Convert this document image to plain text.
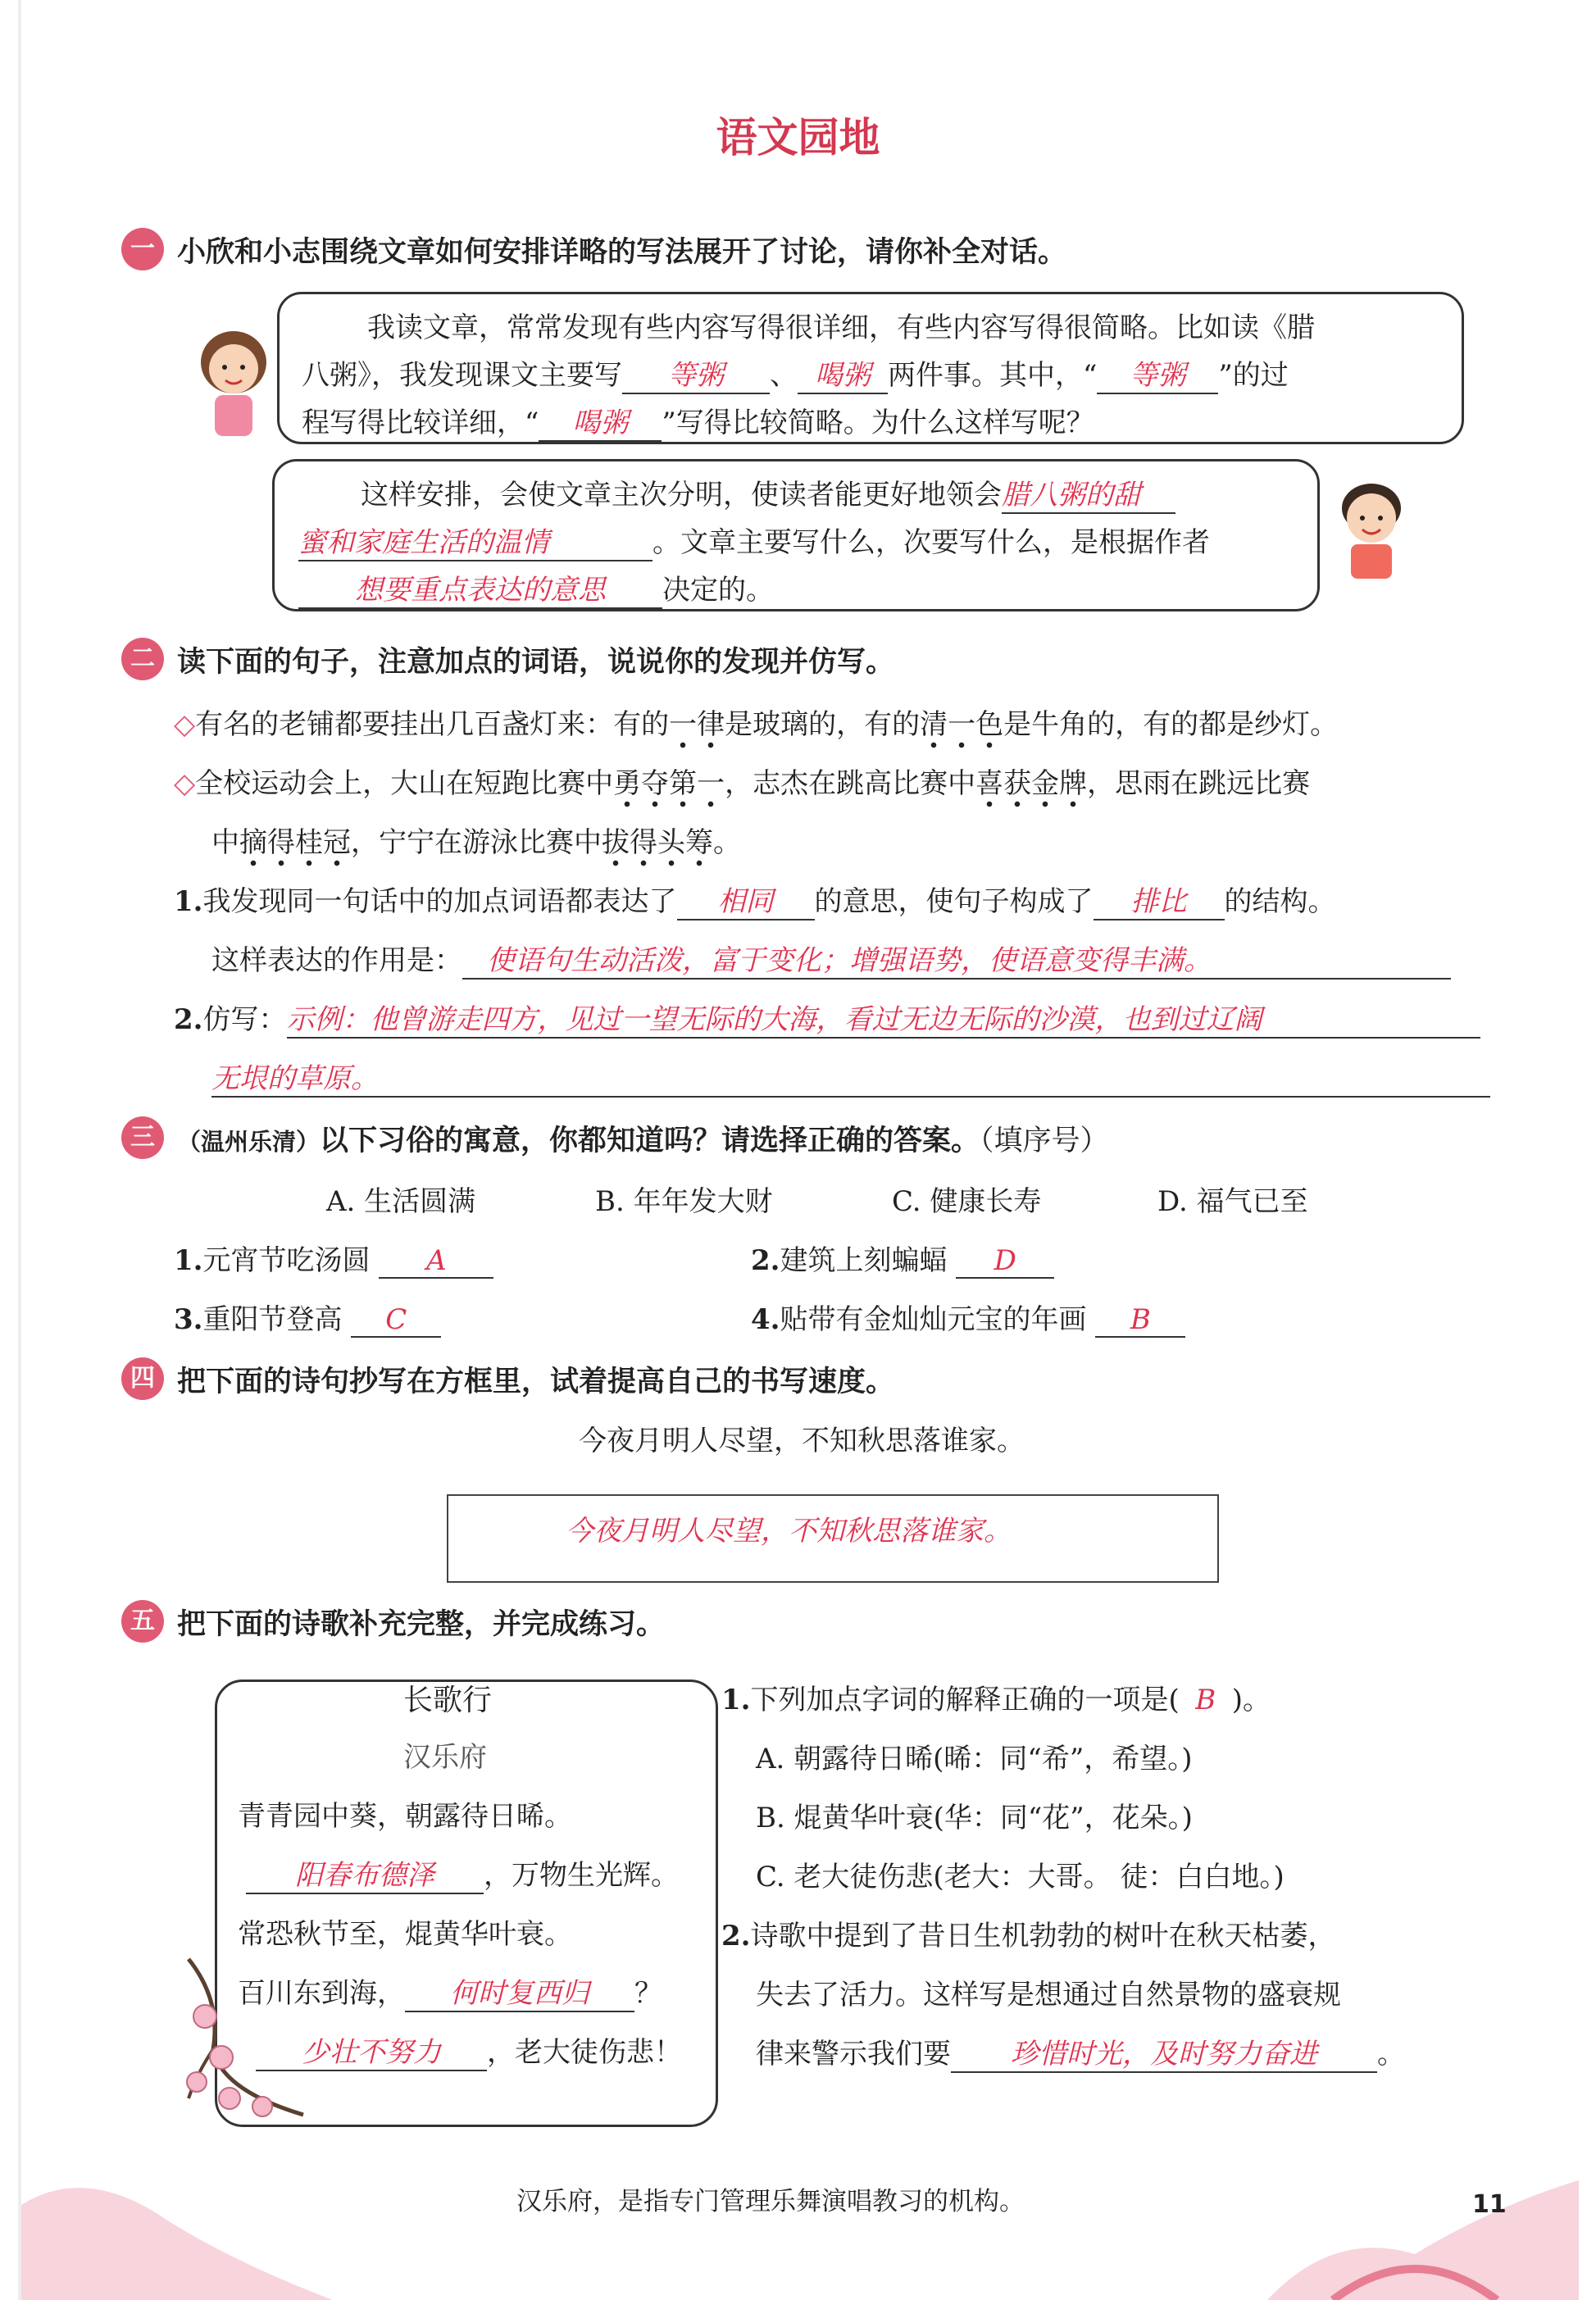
语文园地
一 小欣和小志围绕文章如何安排详略的写法展开了讨论，请你补全对话。
我读文章，常常发现有些内容写得很详细，有些内容写得很简略。比如读《腊
八粥》，我发现课文主要写 等粥 、 喝粥 两件事。其中，“ 等粥 ”的过
程写得比较详细，“ 喝粥 ”写得比较简略。为什么这样写呢？
这样安排，会使文章主次分明，使读者能更好地领会腊八粥的甜
蜜和家庭生活的温情	。文章主要写什么，次要写什么，是根据作者
想要重点表达的意思 决定的。
二 读下面的句子，注意加点的词语，说说你的发现并仿写。
◇有名的老铺都要挂出几百盏灯来：有的一律是玻璃的，有的清一色是牛角的，有的都是纱灯。
◇全校运动会上，大山在短跑比赛中勇夺第一，志杰在跳高比赛中喜获金牌，思雨在跳远比赛
中摘得桂冠，宁宁在游泳比赛中拔得头筹。
1.我发现同一句话中的加点词语都表达了 相同 的意思，使句子构成了 排比 的结构。
这样表达的作用是： 使语句生动活泼，富于变化；增强语势，使语意变得丰满。
2.仿写：示例：他曾游走四方，见过一望无际的大海，看过无边无际的沙漠，也到过辽阔
无垠的草原。
三 （温州乐清）以下习俗的寓意，你都知道吗？请选择正确的答案。（填序号）
A. 生活圆满	B. 年年发大财	C. 健康长寿	D. 福气已至
1.元宵节吃汤圆 A	2.建筑上刻蝙蝠 D
3.重阳节登高 C	4.贴带有金灿灿元宝的年画 B
四 把下面的诗句抄写在方框里，试着提高自己的书写速度。
今夜月明人尽望，不知秋思落谁家。
今夜月明人尽望，不知秋思落谁家。
五 把下面的诗歌补充完整，并完成练习。
长歌行
汉乐府
青青园中葵，朝露待日晞。
阳春布德泽 ，万物生光辉。
常恐秋节至，焜黄华叶衰。
百川东到海， 何时复西归 ？
少壮不努力 ，老大徒伤悲！
1.下列加点字词的解释正确的一项是( B )。
A. 朝露待日晞(晞：同“希”，希望。)
B. 焜黄华叶衰(华：同“花”，花朵。)
C. 老大徒伤悲(老大：大哥。 徒：白白地。)
2.诗歌中提到了昔日生机勃勃的树叶在秋天枯萎，
失去了活力。这样写是想通过自然景物的盛衰规
律来警示我们要 珍惜时光，及时努力奋进 。
汉乐府，是指专门管理乐舞演唱教习的机构。	11
